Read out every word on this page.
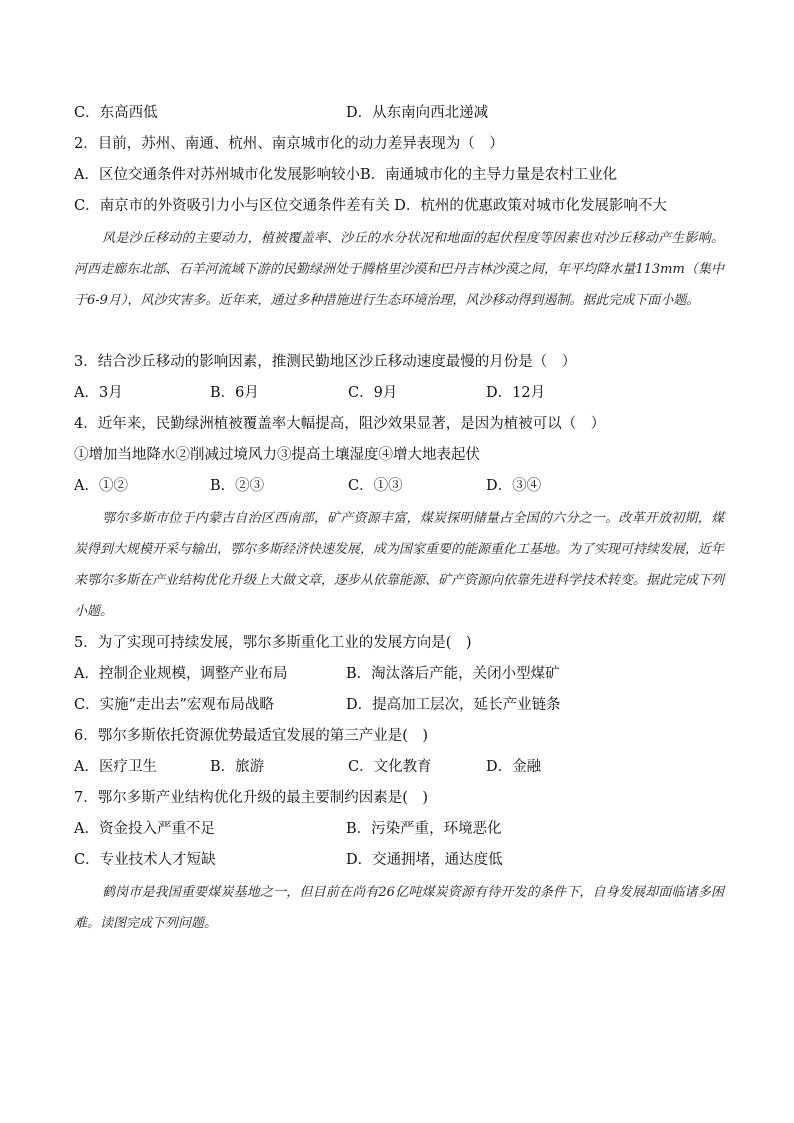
C．东高西低	D．从东南向西北递减
2．目前，苏州、南通、杭州、南京城市化的动力差异表现为（　）
A．区位交通条件对苏州城市化发展影响较小B．南通城市化的主导力量是农村工业化
C．南京市的外资吸引力小与区位交通条件差有关 D．杭州的优惠政策对城市化发展影响不大
风是沙丘移动的主要动力，植被覆盖率、沙丘的水分状况和地面的起伏程度等因素也对沙丘移动产生影响。河西走廊东北部、石羊河流域下游的民勤绿洲处于腾格里沙漠和巴丹吉林沙漠之间，年平均降水量113mm（集中于6-9月），风沙灾害多。近年来，通过多种措施进行生态环境治理，风沙移动得到遏制。据此完成下面小题。
3．结合沙丘移动的影响因素，推测民勤地区沙丘移动速度最慢的月份是（　）
A．3月	B．6月	C．9月	D．12月
4．近年来，民勤绿洲植被覆盖率大幅提高，阻沙效果显著，是因为植被可以（　）
①增加当地降水②削减过境风力③提高土壤湿度④增大地表起伏
A．①②	B．②③	C．①③	D．③④
鄂尔多斯市位于内蒙古自治区西南部，矿产资源丰富，煤炭探明储量占全国的六分之一。改革开放初期，煤炭得到大规模开采与输出，鄂尔多斯经济快速发展，成为国家重要的能源重化工基地。为了实现可持续发展，近年来鄂尔多斯在产业结构优化升级上大做文章，逐步从依靠能源、矿产资源向依靠先进科学技术转变。据此完成下列小题。
5．为了实现可持续发展，鄂尔多斯重化工业的发展方向是(　)
A．控制企业规模，调整产业布局	B．淘汰落后产能，关闭小型煤矿
C．实施“走出去”宏观布局战略	D．提高加工层次，延长产业链条
6．鄂尔多斯依托资源优势最适宜发展的第三产业是(　)
A．医疗卫生	B．旅游	C．文化教育	D．金融
7．鄂尔多斯产业结构优化升级的最主要制约因素是(　)
A．资金投入严重不足	B．污染严重，环境恶化
C．专业技术人才短缺	D．交通拥堵，通达度低
鹤岗市是我国重要煤炭基地之一，但目前在尚有26亿吨煤炭资源有待开发的条件下，自身发展却面临诸多困难。读图完成下列问题。
